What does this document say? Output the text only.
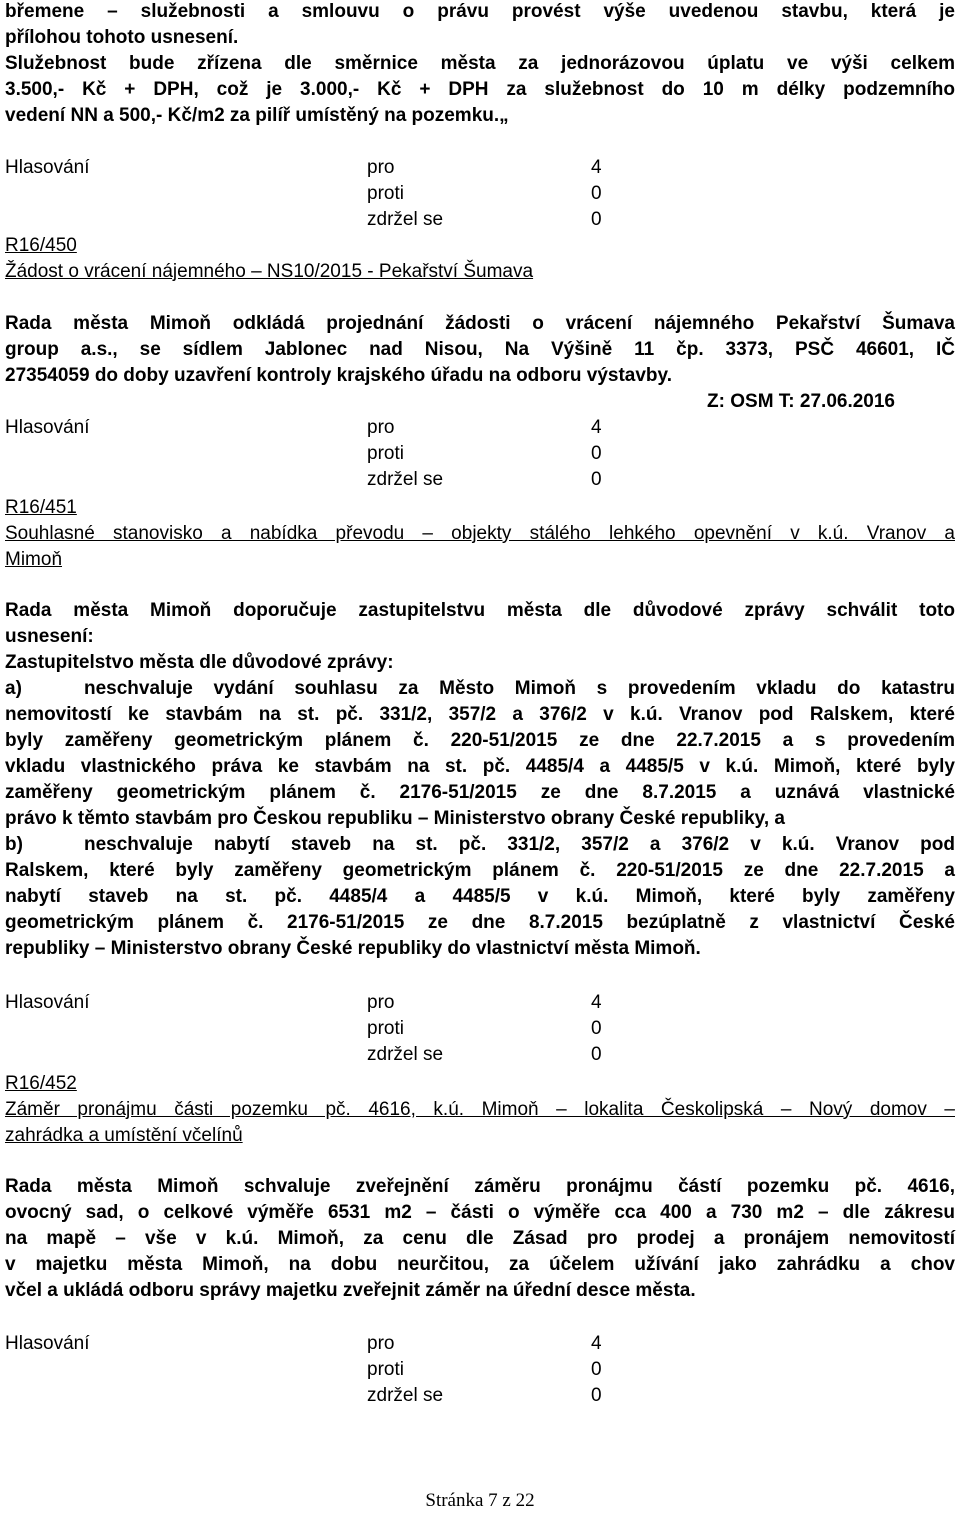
břemene – služebnosti a smlouvu o právu provést výše uvedenou stavbu, která je
přílohou tohoto usnesení.
Služebnost bude zřízena dle směrnice města za jednorázovou úplatu ve výši celkem
3.500,- Kč + DPH, což je 3.000,- Kč + DPH za služebnost do 10 m délky podzemního
vedení NN a 500,- Kč/m2 za pilíř umístěný na pozemku.„
Hlasování	pro	4
proti	0
zdržel se	0
R16/450
Žádost o vrácení nájemného – NS10/2015 - Pekařství Šumava
Rada města Mimoň odkládá projednání žádosti o vrácení nájemného Pekařství Šumava
group a.s., se sídlem Jablonec nad Nisou, Na Výšině 11 čp. 3373, PSČ 46601, IČ
27354059 do doby uzavření kontroly krajského úřadu na odboru výstavby.
Z: OSM T: 27.06.2016
Hlasování	pro	4
proti	0
zdržel se	0
R16/451
Souhlasné stanovisko a nabídka převodu – objekty stálého lehkého opevnění v k.ú. Vranov a
Mimoň
Rada města Mimoň doporučuje zastupitelstvu města dle důvodové zprávy schválit toto
usnesení:
Zastupitelstvo města dle důvodové zprávy:
a)	neschvaluje vydání souhlasu za Město Mimoň s provedením vkladu do katastru
nemovitostí ke stavbám na st. pč. 331/2, 357/2 a 376/2 v k.ú. Vranov pod Ralskem, které
byly zaměřeny geometrickým plánem č. 220-51/2015 ze dne 22.7.2015 a s provedením
vkladu vlastnického práva ke stavbám na st. pč. 4485/4 a 4485/5 v k.ú. Mimoň, které byly
zaměřeny geometrickým plánem č. 2176-51/2015 ze dne 8.7.2015 a uznává vlastnické
právo k těmto stavbám pro Českou republiku – Ministerstvo obrany České republiky, a
b)	neschvaluje nabytí staveb na st. pč. 331/2, 357/2 a 376/2 v k.ú. Vranov pod
Ralskem, které byly zaměřeny geometrickým plánem č. 220-51/2015 ze dne 22.7.2015 a
nabytí staveb na st. pč. 4485/4 a 4485/5 v k.ú. Mimoň, které byly zaměřeny
geometrickým plánem č. 2176-51/2015 ze dne 8.7.2015 bezúplatně z vlastnictví České
republiky – Ministerstvo obrany České republiky do vlastnictví města Mimoň.
Hlasování	pro	4
proti	0
zdržel se	0
R16/452
Záměr pronájmu části pozemku pč. 4616, k.ú. Mimoň – lokalita Českolipská – Nový domov –
zahrádka a umístění včelínů
Rada města Mimoň schvaluje zveřejnění záměru pronájmu částí pozemku pč. 4616,
ovocný sad, o celkové výměře 6531 m2 – části o výměře cca 400 a 730 m2 – dle zákresu
na mapě – vše v k.ú. Mimoň, za cenu dle Zásad pro prodej a pronájem nemovitostí
v majetku města Mimoň, na dobu neurčitou, za účelem užívání jako zahrádku a chov
včel a ukládá odboru správy majetku zveřejnit záměr na úřední desce města.
Hlasování	pro	4
proti	0
zdržel se	0
Stránka 7 z 22
